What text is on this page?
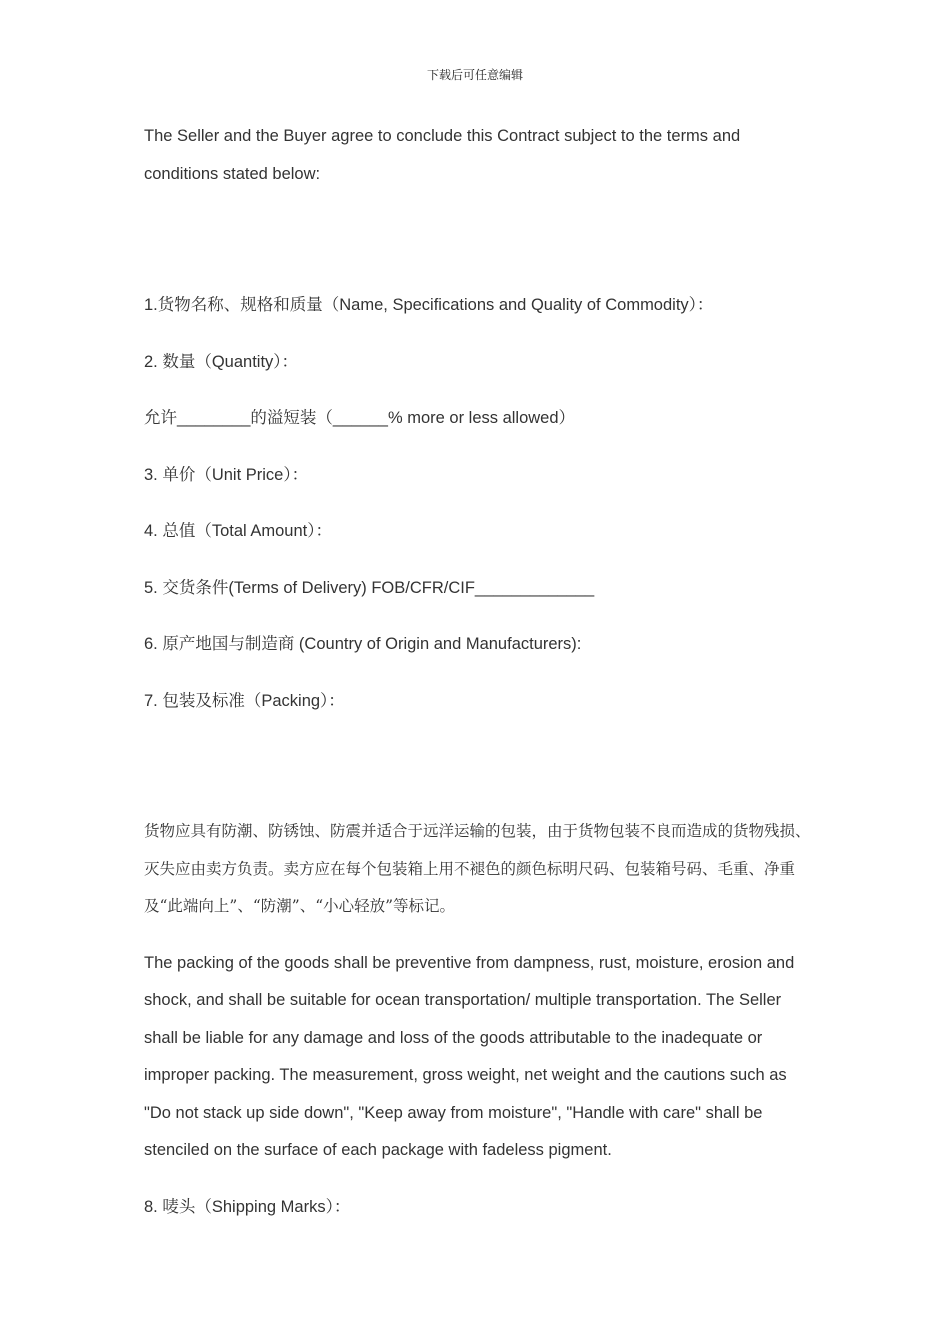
下载后可任意编辑

The Seller and the Buyer agree to conclude this Contract subject to the terms and conditions stated below:

1.货物名称、规格和质量（Name, Specifications and Quality of Commodity）：

2. 数量（Quantity）：

允许________的溢短装（______% more or less allowed）

3. 单价（Unit Price）：

4. 总值（Total Amount）：

5. 交货条件(Terms of Delivery) FOB/CFR/CIF_____________

6. 原产地国与制造商 (Country of Origin and Manufacturers):

7. 包装及标准（Packing）：

货物应具有防潮、防锈蚀、防震并适合于远洋运输的包装，由于货物包装不良而造成的货物残损、灭失应由卖方负责。卖方应在每个包装箱上用不褪色的颜色标明尺码、包装箱号码、毛重、净重及“此端向上”、“防潮”、“小心轻放”等标记。

The packing of the goods shall be preventive from dampness, rust, moisture, erosion and shock, and shall be suitable for ocean transportation/ multiple transportation. The Seller shall be liable for any damage and loss of the goods attributable to the inadequate or improper packing. The measurement, gross weight, net weight and the cautions such as "Do not stack up side down", "Keep away from moisture", "Handle with care" shall be stenciled on the surface of each package with fadeless pigment.

8. 唛头（Shipping Marks）：
